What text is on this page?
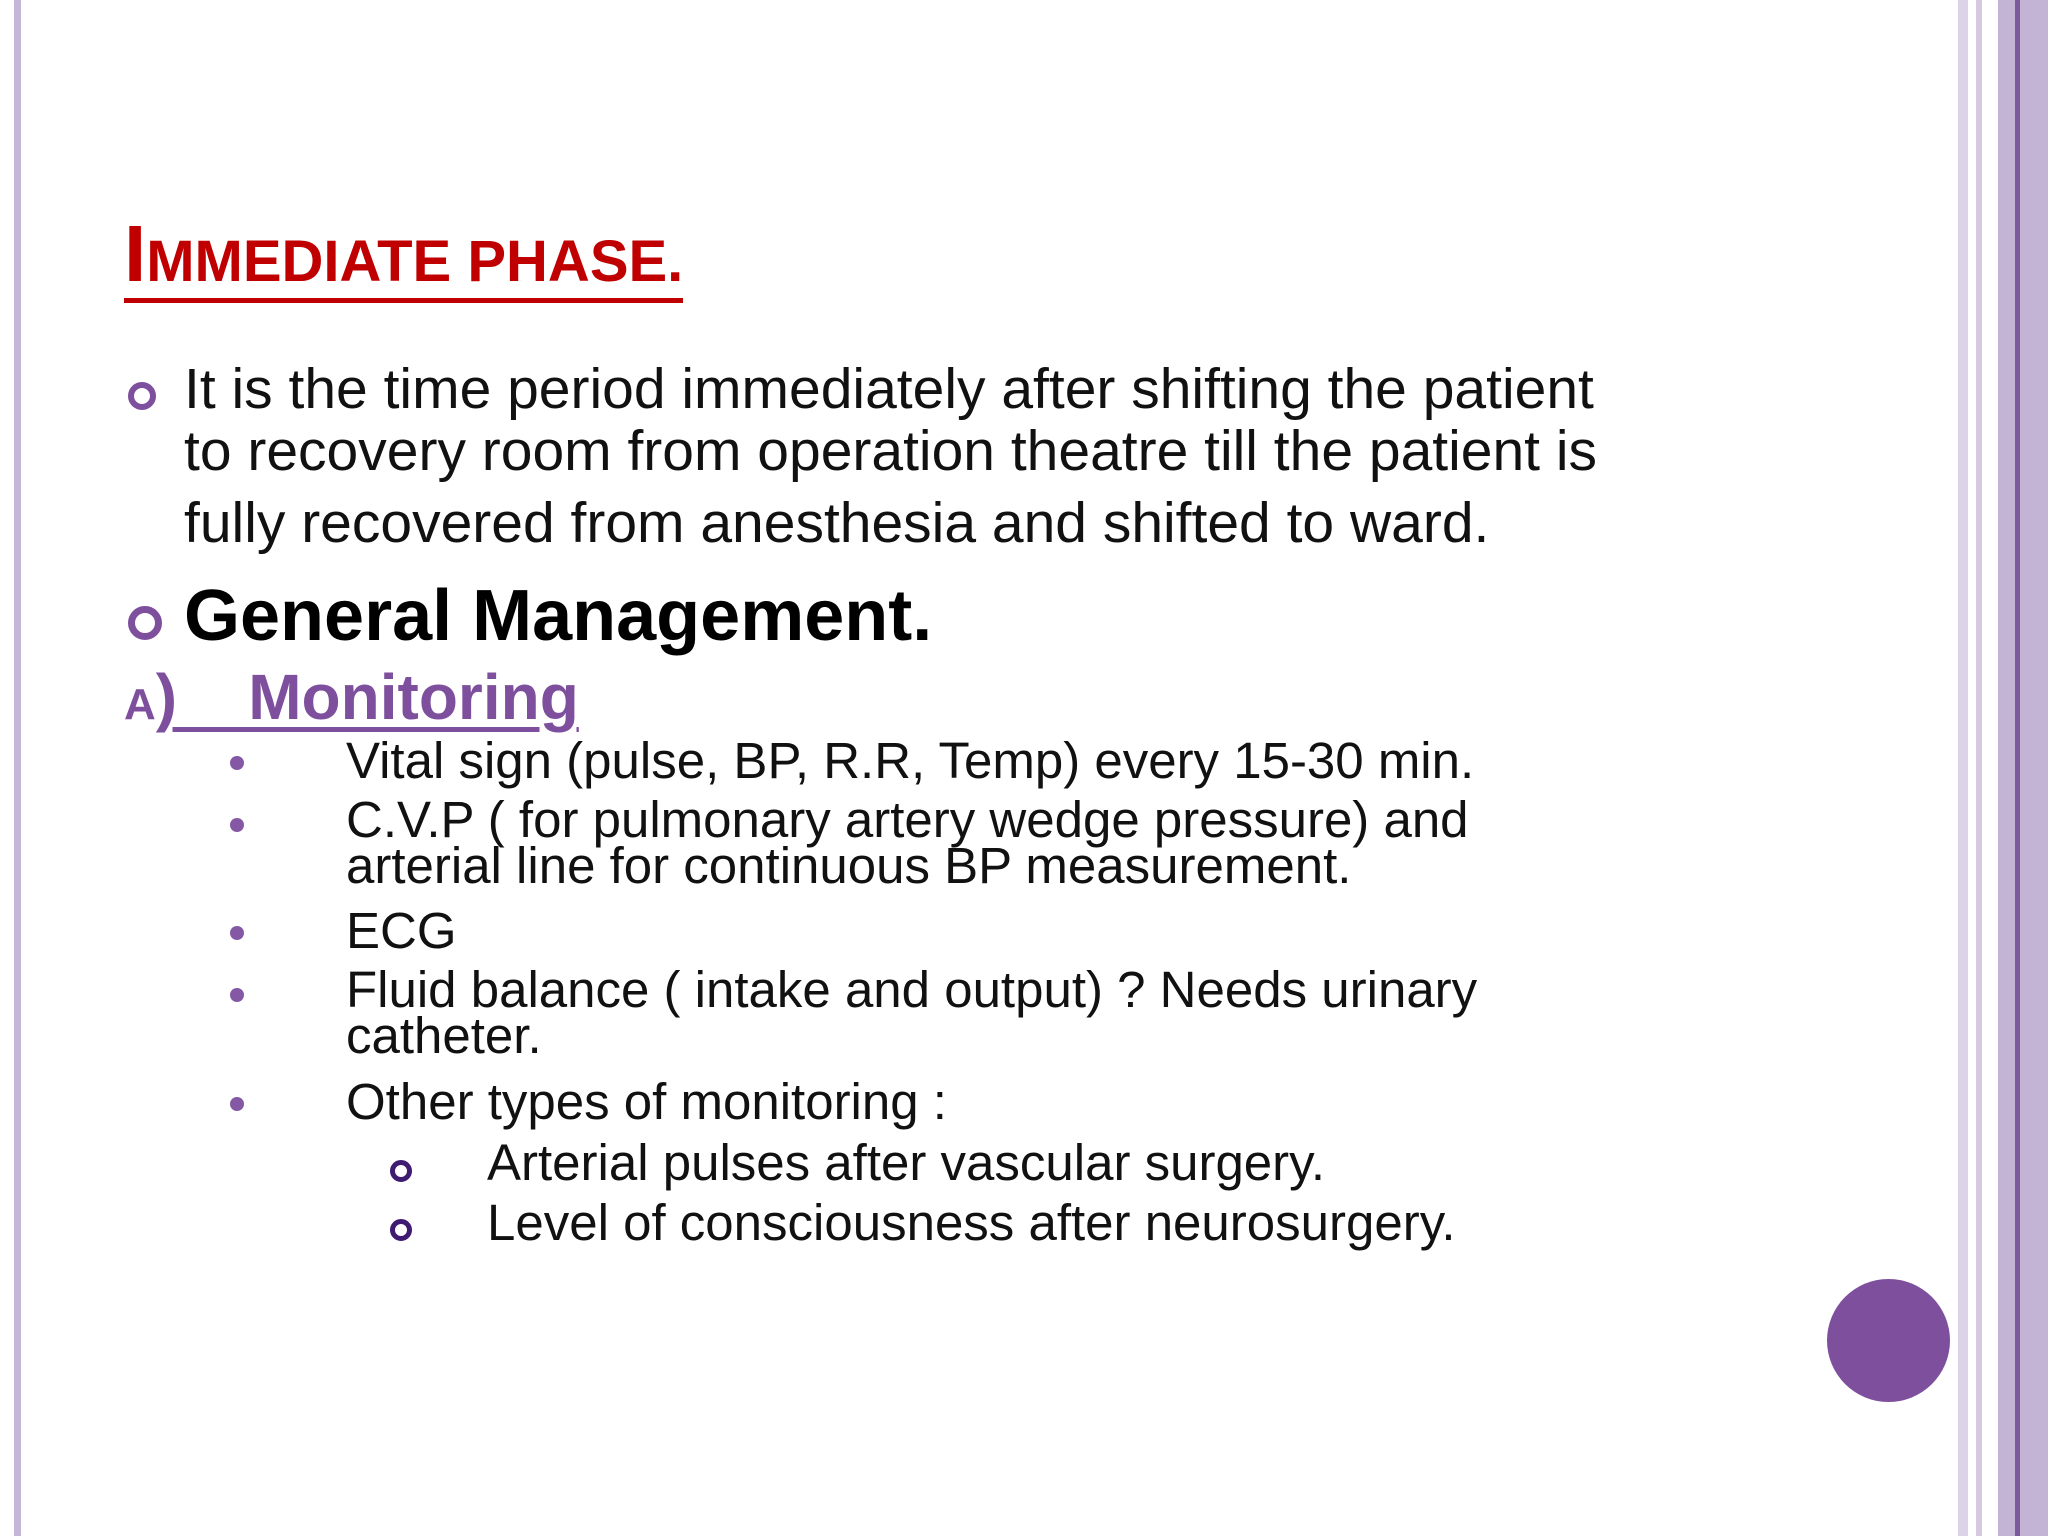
IMMEDIATE PHASE.

It is the time period immediately after shifting the patient
to recovery room from operation theatre till the patient is
fully recovered from anesthesia and shifted to ward.

General Management.
A)    Monitoring

Vital sign (pulse, BP, R.R, Temp) every 15-30 min.

C.V.P ( for pulmonary artery wedge pressure) and
arterial line for continuous BP measurement.

ECG

Fluid balance ( intake and output) ? Needs urinary
catheter.

Other types of monitoring :

Arterial pulses after vascular surgery.

Level of consciousness after neurosurgery.
